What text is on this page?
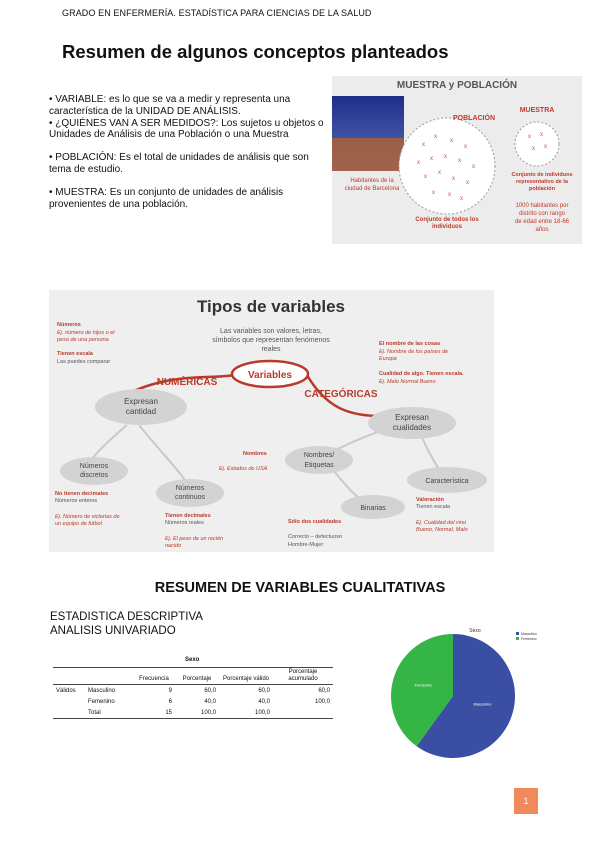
GRADO EN ENFERMERÍA. ESTADÍSTICA PARA CIENCIAS DE LA SALUD
Resumen de algunos conceptos planteados

• VARIABLE: es lo que se va a medir y representa una característica de la UNIDAD DE ANÁLISIS.

• ¿QUIÉNES VAN A SER MEDIDOS?: Los sujetos u objetos o Unidades de Análisis de una Población o una Muestra

• POBLACIÓN: Es el total de unidades de análisis que son tema de estudio.

• MUESTRA: Es un conjunto de unidades de análisis provenientes de una población.

MUESTRA y POBLACIÓN
Habitantes de la
ciudad de Barcelona
POBLACIÓN
x
x
x
x
x
x x
x
x
x
x
x
x
x x
x
Conjunto de todos los
individuos
MUESTRA
x x
x x
Conjunto de individuos
representativo de la
población
1000 habitantes por
distrito con rango
de edad entre 18-66
años
Tipos de variables
Las variables son valores, letras,
símbolos que representan fenómenos
reales
Variables
NUMÉRICAS
CATEGÓRICAS
Expresan
cantidad
Expresan
cualidades
Números
discretos
Números
continuos
Nombres/
Etiquetas
Característica
Binarias
Números
Ej. número de hijos o el
peso de una persona
Tienen escala
Las puedes comparar
El nombre de las cosas
Ej. Nombre de los países de
Europa
Cualidad de algo. Tienen escala.
Ej. Malo Normal Bueno
Nombres
Ej. Estados de USA
No tienen decimales
Números enteros
Ej. Número de victorias de
un equipo de fútbol
Tienen decimales
Números reales
Ej. El peso de un recién
nacido
Sólo dos cualidades
Correcto – defectuoso
Hombre-Mujer
Valoración
Tienen escala
Ej. Cualidad del vino
Bueno, Normal, Malo
RESUMEN DE VARIABLES CUALITATIVAS
ESTADISTICA DESCRIPTIVA
ANALISIS UNIVARIADO
Sexo
		Frecuencia	Porcentaje	Porcentaje válido	Porcentaje acumulado
Válidos	Masculino	9	60,0	60,0	60,0
	Femenino	6	40,0	40,0	100,0
	Total	15	100,0	100,0	
Sexo
Masculino
Femenino
Masculino
Femenino
1
